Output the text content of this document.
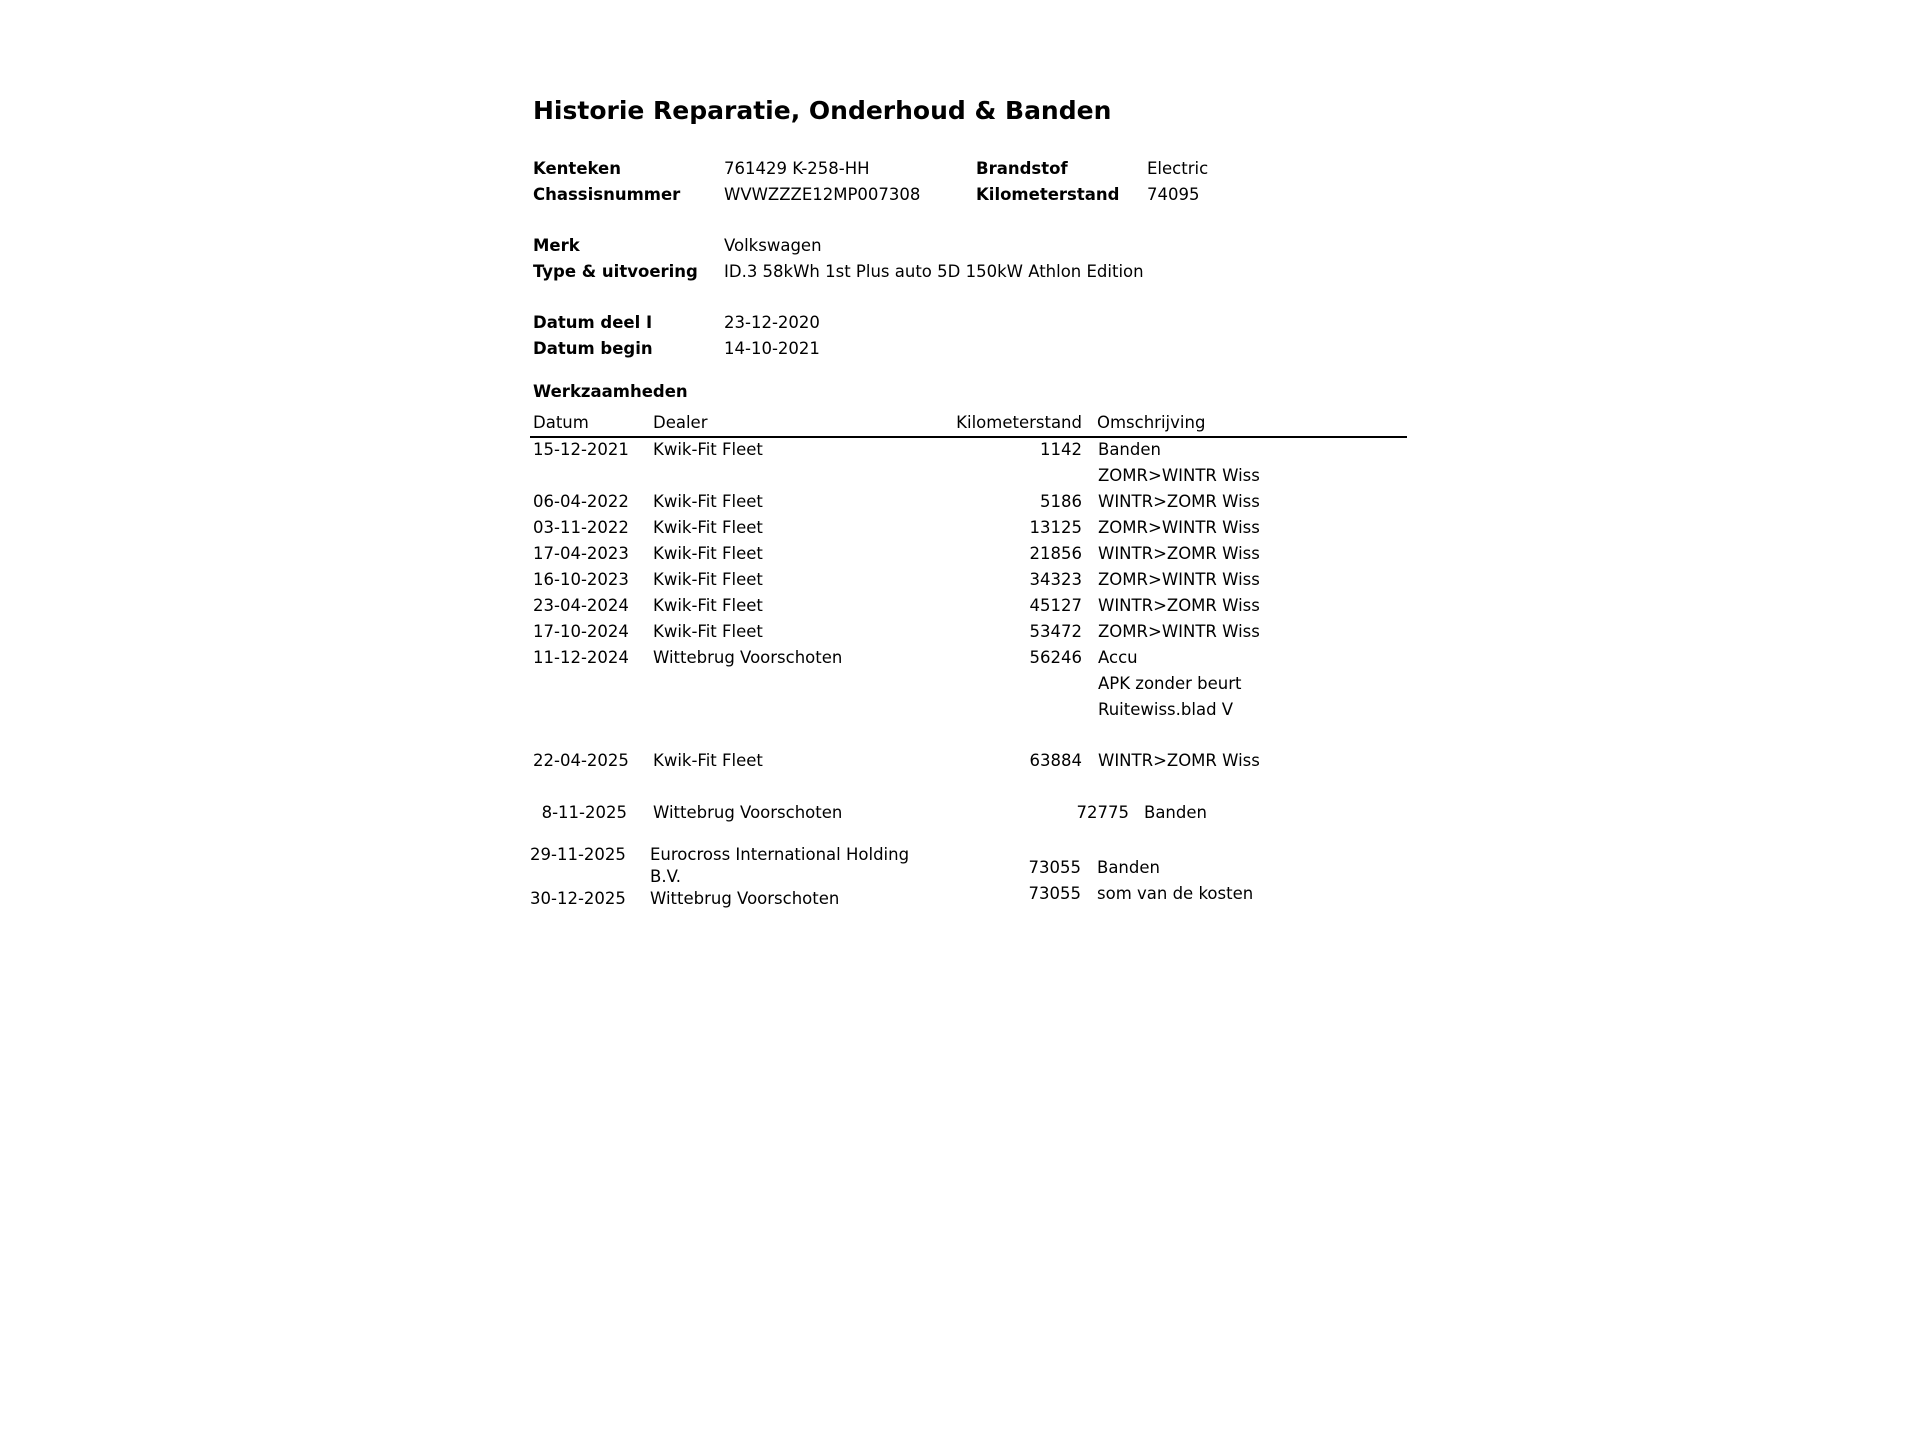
Historie Reparatie, Onderhoud & Banden
Kenteken	761429 K-258-HH	Brandstof	Electric
Chassisnummer	WVWZZZE12MP007308	Kilometerstand 74095
Merk	Volkswagen
Type & uitvoering ID.3 58kWh 1st Plus auto 5D 150kW Athlon Edition
Datum deel I	23-12-2020
Datum begin	14-10-2021
Werkzaamheden
Datum	Dealer	Kilometerstand Omschrijving
15-12-2021 Kwik-Fit Fleet	1142 Banden
ZOMR>WINTR Wiss
06-04-2022 Kwik-Fit Fleet	5186 WINTR>ZOMR Wiss
03-11-2022 Kwik-Fit Fleet	13125 ZOMR>WINTR Wiss
17-04-2023 Kwik-Fit Fleet	21856 WINTR>ZOMR Wiss
16-10-2023 Kwik-Fit Fleet	34323 ZOMR>WINTR Wiss
23-04-2024 Kwik-Fit Fleet	45127 WINTR>ZOMR Wiss
17-10-2024 Kwik-Fit Fleet	53472 ZOMR>WINTR Wiss
11-12-2024 Wittebrug Voorschoten	56246 Accu
APK zonder beurt
Ruitewiss.blad V
22-04-2025 Kwik-Fit Fleet	63884 WINTR>ZOMR Wiss
8-11-2025 Wittebrug Voorschoten	72775 Banden
29-11-2025 Eurocross International Holding B.V.	73055 Banden
30-12-2025 Wittebrug Voorschoten	73055 som van de kosten
